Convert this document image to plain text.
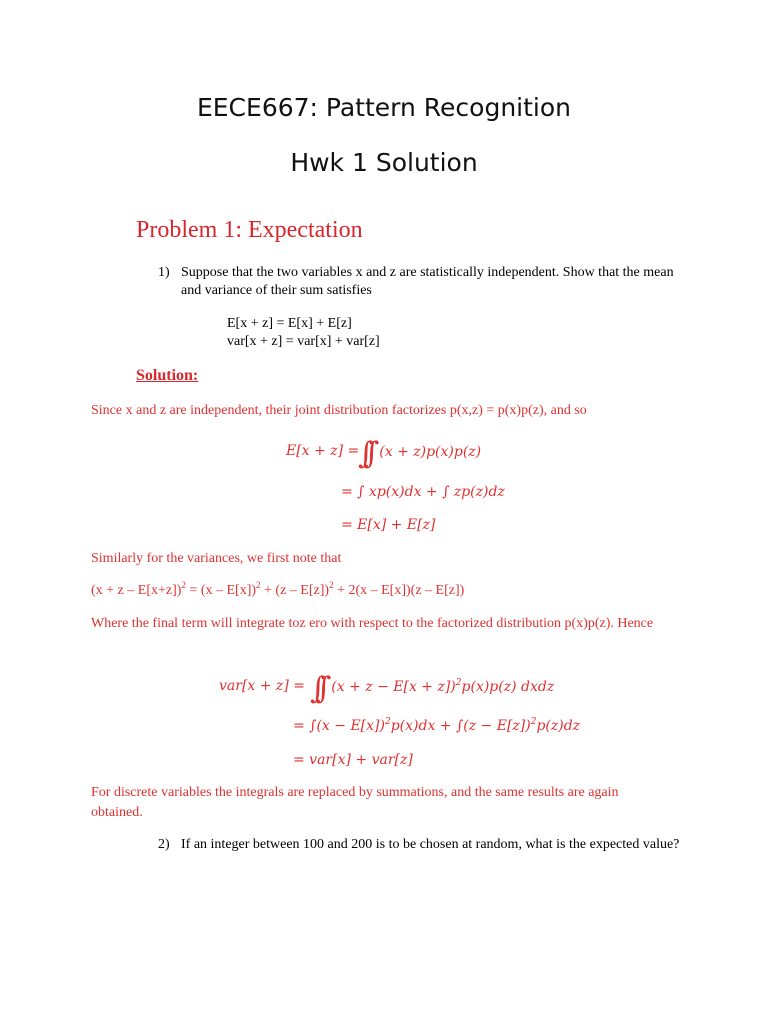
EECE667: Pattern Recognition
Hwk 1 Solution
Problem 1: Expectation
1) Suppose that the two variables x and z are statistically independent. Show that the mean and variance of their sum satisfies
E[x + z] = E[x] + E[z]
var[x + z] = var[x] + var[z]
Solution:
Since x and z are independent, their joint distribution factorizes p(x,z) = p(x)p(z), and so
E[x + z] =
∫∫ (x + z)p(x)p(z)
= ∫ xp(x)dx + ∫ zp(z)dz
= E[x] + E[z]
Similarly for the variances, we first note that
$(x + z - E[x+z])^2 = (x - E[x])^2 + (z - E[z])^2 + 2(x - E[x])(z - E[z])$
Where the final term will integrate toz ero with respect to the factorized distribution p(x)p(z). Hence
var[x + z] = ∫∫ $(x + z - E[x + z])^2p(x)p(z)$ dxdz
= $\int(x - E[x])^2p(x)dx + \int(z - E[z])^2p(z)dz$
= var[x] + var[z]
For discrete variables the integrals are replaced by summations, and the same results are again obtained.
2) If an integer between 100 and 200 is to be chosen at random, what is the expected value?
